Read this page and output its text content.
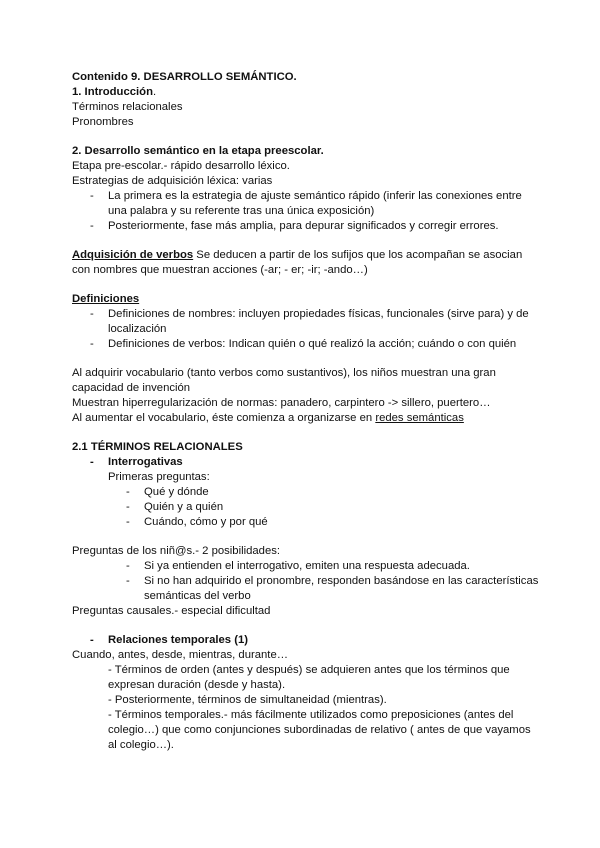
Contenido 9. DESARROLLO SEMÁNTICO.
1. Introducción.
Términos relacionales
Pronombres
2. Desarrollo semántico en la etapa preescolar.
Etapa pre-escolar.- rápido desarrollo léxico.
Estrategias de adquisición léxica: varias
- La primera es la estrategia de ajuste semántico rápido (inferir las conexiones entre una palabra y su referente tras una única exposición)
- Posteriormente, fase más amplia, para depurar significados y corregir errores.
Adquisición de verbos Se deducen a partir de los sufijos que los acompañan se asocian con nombres que muestran acciones (-ar; - er; -ir; -ando…)
Definiciones
- Definiciones de nombres: incluyen propiedades físicas, funcionales (sirve para) y de localización
- Definiciones de verbos: Indican quién o qué realizó la acción; cuándo o con quién
Al adquirir vocabulario (tanto verbos como sustantivos), los niños muestran una gran capacidad de invención
Muestran hiperregularización de normas: panadero, carpintero -> sillero, puertero…
Al aumentar el vocabulario, éste comienza a organizarse en redes semánticas
2.1 TÉRMINOS RELACIONALES
- Interrogativas
Primeras preguntas:
- Qué y dónde
- Quién y a quién
- Cuándo, cómo y por qué
Preguntas de los niñ@s.- 2 posibilidades:
- Si ya entienden el interrogativo, emiten una respuesta adecuada.
- Si no han adquirido el pronombre, responden basándose en las características semánticas del verbo
Preguntas causales.- especial dificultad
- Relaciones temporales (1)
Cuando, antes, desde, mientras, durante…
- Términos de orden (antes y después) se adquieren antes que los términos que expresan duración (desde y hasta).
- Posteriormente, términos de simultaneidad (mientras).
- Términos temporales.- más fácilmente utilizados como preposiciones (antes del colegio…) que como conjunciones subordinadas de relativo ( antes de que vayamos al colegio…).
